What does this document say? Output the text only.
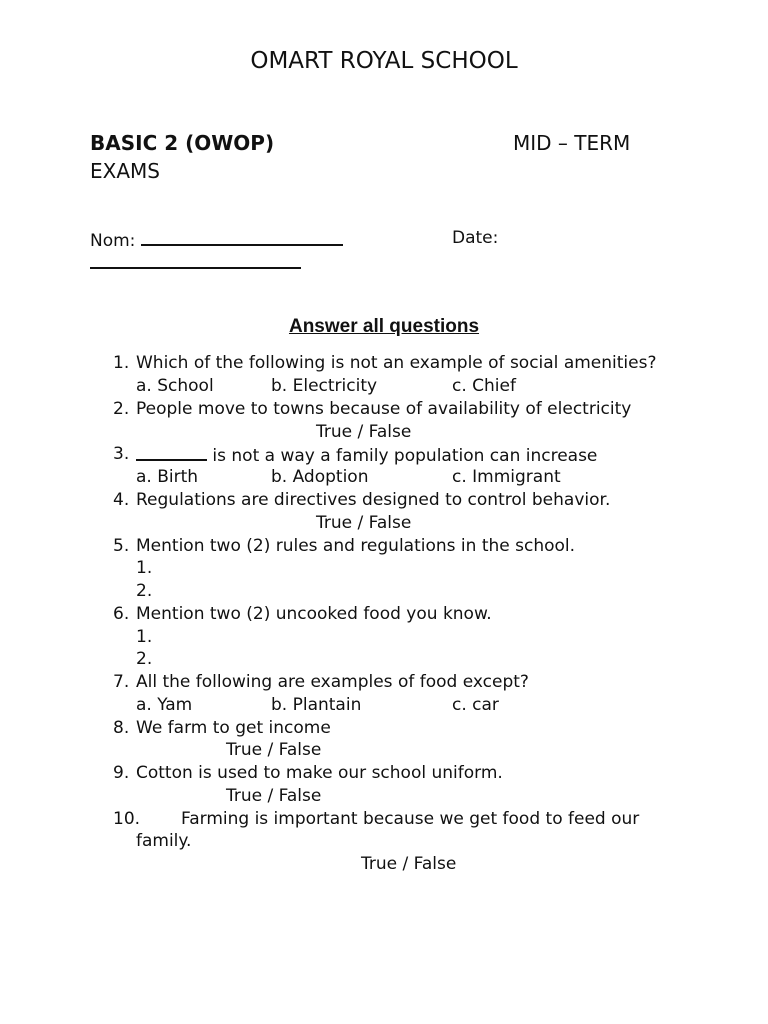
OMART ROYAL SCHOOL
BASIC 2 (OWOP)	MID – TERM
EXAMS
Nom:	Date:
Answer all questions
1. Which of the following is not an example of social amenities?
a. School	b. Electricity	c. Chief
2. People move to towns because of availability of electricity
True / False
3.	is not a way a family population can increase
a. Birth	b. Adoption	c. Immigrant
4. Regulations are directives designed to control behavior.
True / False
5. Mention two (2) rules and regulations in the school.
1.
2.
6. Mention two (2) uncooked food you know.
1.
2.
7. All the following are examples of food except?
a. Yam	b. Plantain	c. car
8. We farm to get income
True / False
9. Cotton is used to make our school uniform.
True / False
10. Farming is important because we get food to feed our
family.
True / False
